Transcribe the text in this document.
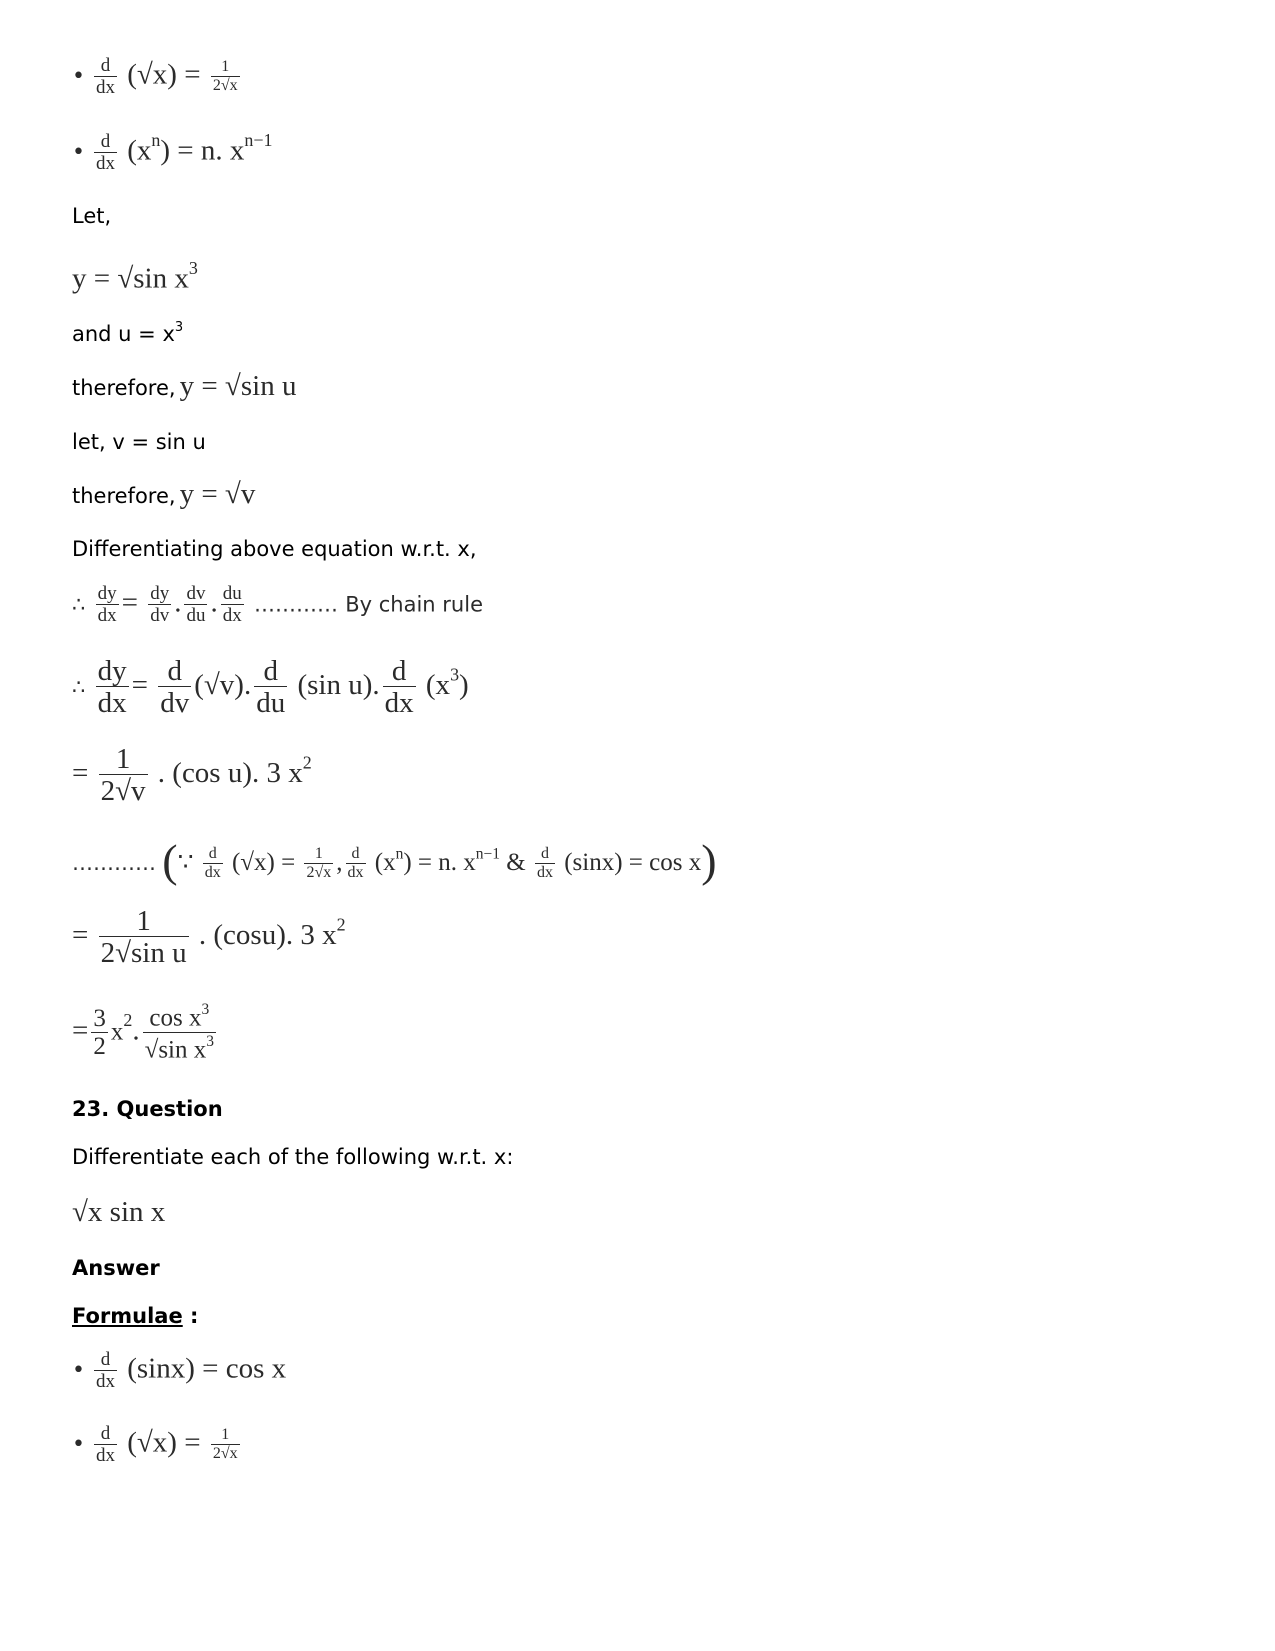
• $\frac{d}{dx} (√x) = \frac{1}{2√x}$
• $\frac{d}{dx} (x^n) = n$. $x^{n-1}$
Let,
y = √sin $x^3$
and $u = x^3$
therefore, y = √sin u
let, v = sin u
therefore, y = √v
Differentiating above equation w.r.t. x,
∴ $\frac{dy}{dx} = \frac{dy}{dv}$ . $\frac{dv}{du}$ . $\frac{du}{dx}$ ………… By chain rule
∴ $\frac{dy}{dx} = \frac{d}{dv} (√v)$. $\frac{d}{du} (\sin$ u). $\frac{d}{dx} (x^3)$
= $\frac{1}{2√v}$ . (cos u). 3 $x^2$
………… (∵ $\frac{d}{dx} (√x) = \frac{1}{2√x}$ , $\frac{d}{dx} (x^n) = n$. $x^{n-1}$ & $\frac{d}{dx} (\sin x) = \cos x$)
= $\frac{1}{\text{2√sin u}}$ . (cosu). 3 $x^2$
= $\frac{3}{2} x^2$. $\frac{\cos x^3}{√\sin x^3}$
23. Question
Differentiate each of the following w.r.t. x:
√x sin x
Answer
Formulae :
• $\frac{d}{dx} (\sin x) = \cos x$
• $\frac{d}{dx} (√x) = \frac{1}{2√x}$
